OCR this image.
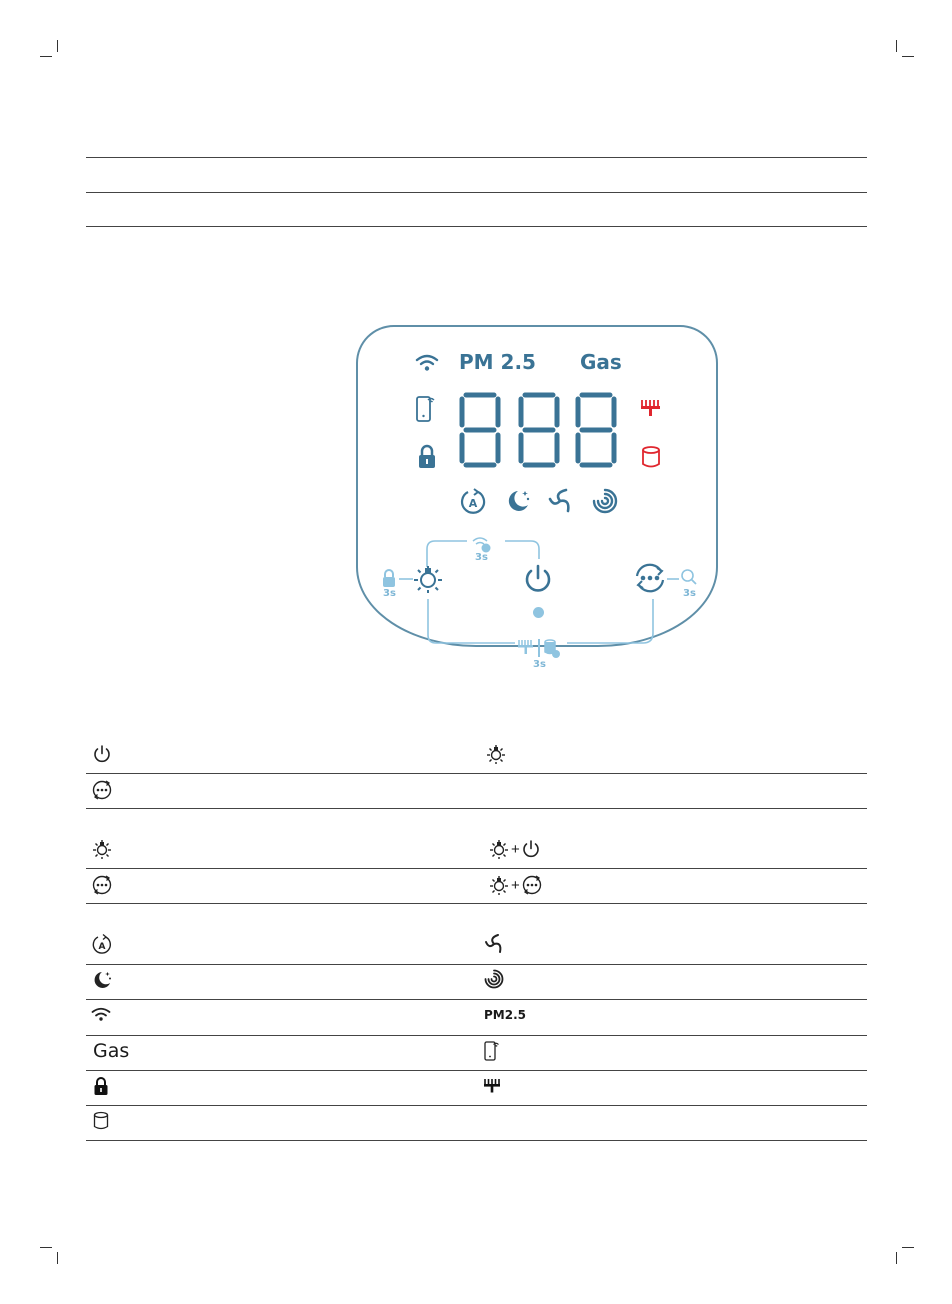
PM 2.5 Gas
A
3s
3s	3s
3s
+
+
A
PM2.5
Gas
